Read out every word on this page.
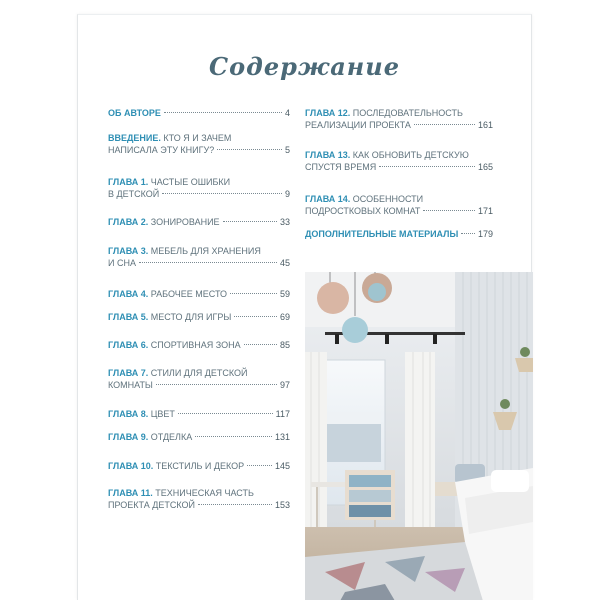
Содержание
ОБ АВТОРЕ	4
ВВЕДЕНИЕ. КТО Я И ЗАЧЕМ
НАПИСАЛА ЭТУ КНИГУ?	5
ГЛАВА 1. ЧАСТЫЕ ОШИБКИ
В ДЕТСКОЙ	9
ГЛАВА 2. ЗОНИРОВАНИЕ	33
ГЛАВА 3. МЕБЕЛЬ ДЛЯ ХРАНЕНИЯ
И СНА	45
ГЛАВА 4. РАБОЧЕЕ МЕСТО	59
ГЛАВА 5. МЕСТО ДЛЯ ИГРЫ	69
ГЛАВА 6. СПОРТИВНАЯ ЗОНА	85
ГЛАВА 7. СТИЛИ ДЛЯ ДЕТСКОЙ
КОМНАТЫ	97
ГЛАВА 8. ЦВЕТ	117
ГЛАВА 9. ОТДЕЛКА	131
ГЛАВА 10. ТЕКСТИЛЬ И ДЕКОР	145
ГЛАВА 11. ТЕХНИЧЕСКАЯ ЧАСТЬ
ПРОЕКТА ДЕТСКОЙ	153
ГЛАВА 12. ПОСЛЕДОВАТЕЛЬНОСТЬ
РЕАЛИЗАЦИИ ПРОЕКТА	161
ГЛАВА 13. КАК ОБНОВИТЬ ДЕТСКУЮ
СПУСТЯ ВРЕМЯ	165
ГЛАВА 14. ОСОБЕННОСТИ
ПОДРОСТКОВЫХ КОМНАТ	171
ДОПОЛНИТЕЛЬНЫЕ МАТЕРИАЛЫ 179
